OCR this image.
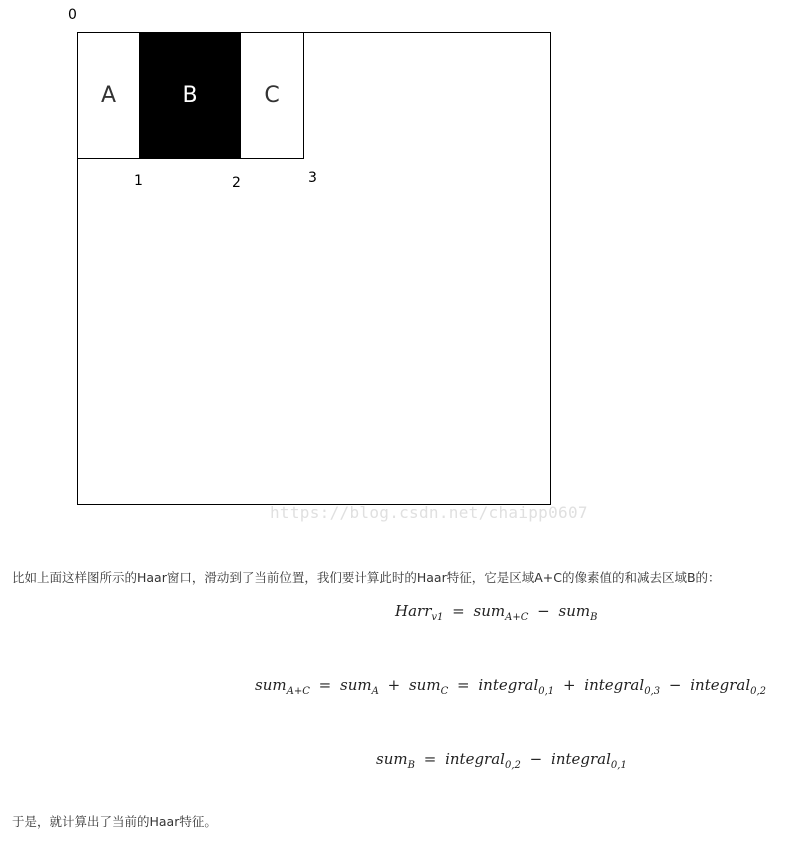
0
A	B	C
1	2	3
https://blog.csdn.net/chaipp0607
比如上面这样图所示的Haar窗口，滑动到了当前位置，我们要计算此时的Haar特征，它是区域A+C的像素值的和减去区域B的：
Harr$_{v1}$ = sum$_{A+C}$ − sum$_B$
sum$_{A+C}$ = sum$_A$ + sum$_C$ = integral$_{0,1}$ + integral$_{0,3}$ − integral$_{0,2}$
sum$_B$ = integral$_{0,2}$ − integral$_{0,1}$
于是，就计算出了当前的Haar特征。
